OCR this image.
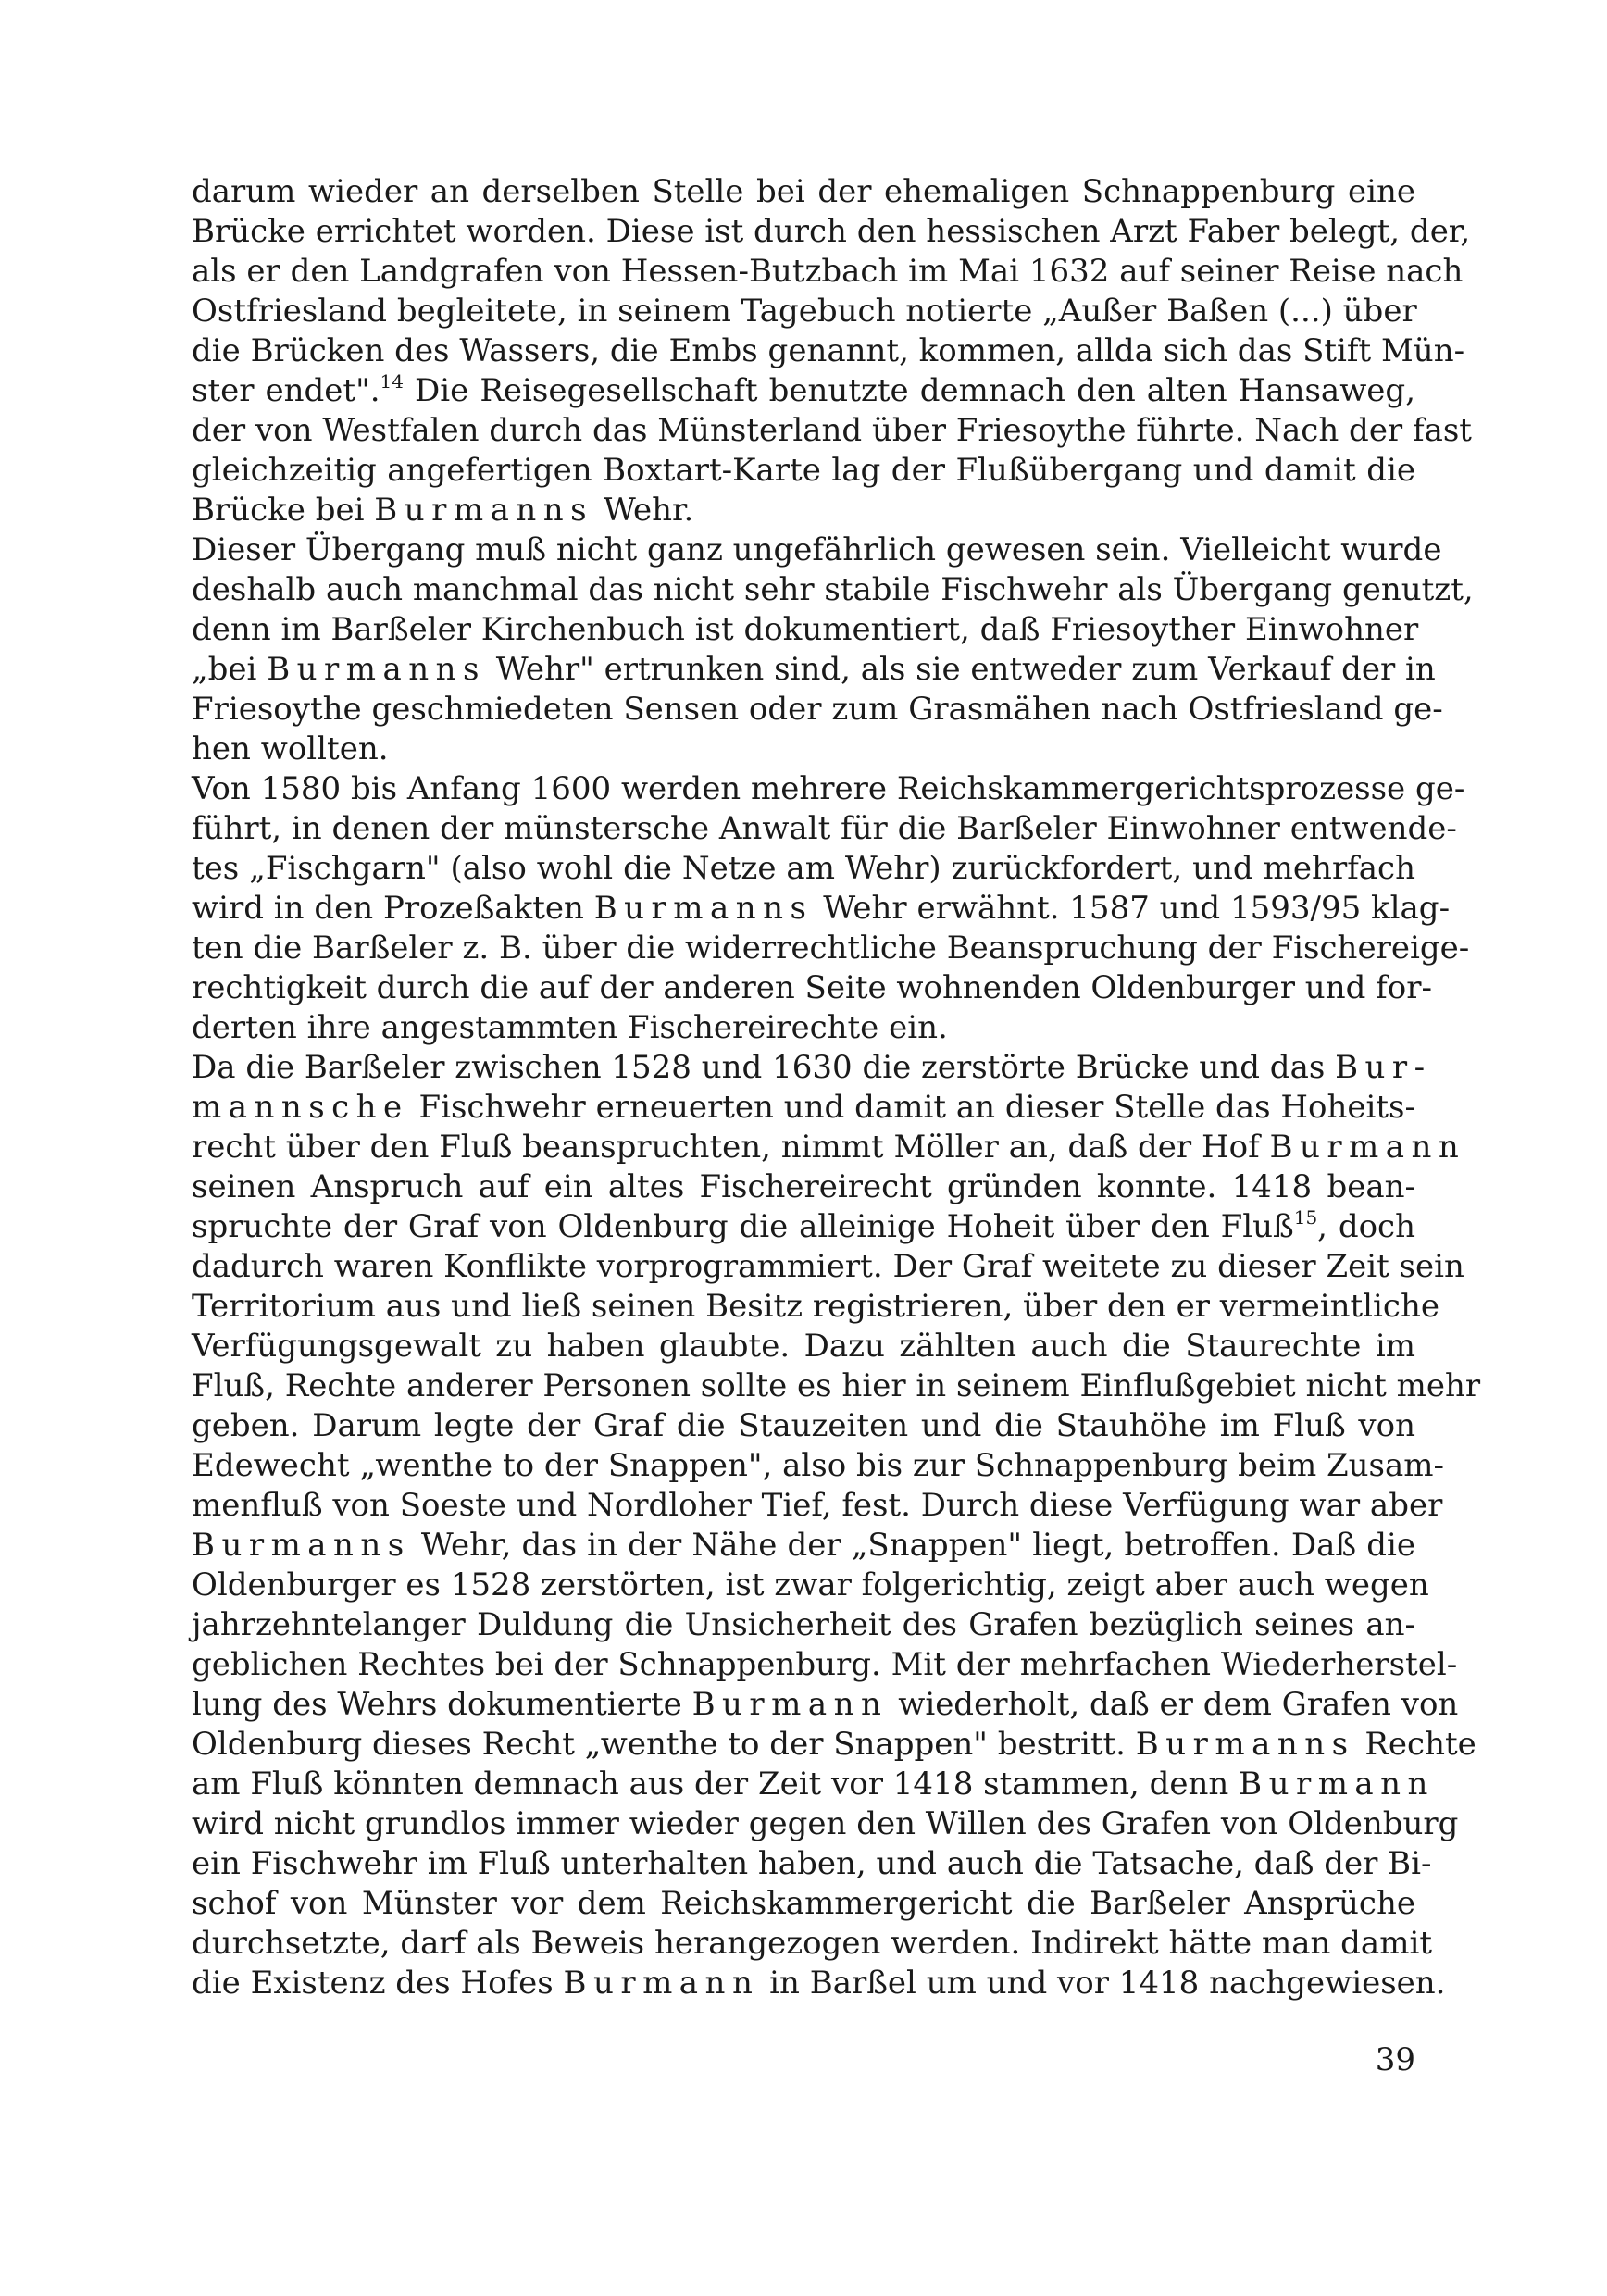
darum wieder an derselben Stelle bei der ehemaligen Schnappenburg eine
Brücke errichtet worden. Diese ist durch den hessischen Arzt Faber belegt, der,
als er den Landgrafen von Hessen-Butzbach im Mai 1632 auf seiner Reise nach
Ostfriesland begleitete, in seinem Tagebuch notierte „Außer Baßen (...) über
die Brücken des Wassers, die Embs genannt, kommen, allda sich das Stift Mün-
ster endet".$^{14}$ Die Reisegesellschaft benutzte demnach den alten Hansaweg,
der von Westfalen durch das Münsterland über Friesoythe führte. Nach der fast
gleichzeitig angefertigen Boxtart-Karte lag der Flußübergang und damit die
Brücke bei Burmanns Wehr.
Dieser Übergang muß nicht ganz ungefährlich gewesen sein. Vielleicht wurde
deshalb auch manchmal das nicht sehr stabile Fischwehr als Übergang genutzt,
denn im Barßeler Kirchenbuch ist dokumentiert, daß Friesoyther Einwohner
„bei Burmanns Wehr" ertrunken sind, als sie entweder zum Verkauf der in
Friesoythe geschmiedeten Sensen oder zum Grasmähen nach Ostfriesland ge-
hen wollten.
Von 1580 bis Anfang 1600 werden mehrere Reichskammergerichtsprozesse ge-
führt, in denen der münstersche Anwalt für die Barßeler Einwohner entwende-
tes „Fischgarn" (also wohl die Netze am Wehr) zurückfordert, und mehrfach
wird in den Prozeßakten Burmanns Wehr erwähnt. 1587 und 1593/95 klag-
ten die Barßeler z. B. über die widerrechtliche Beanspruchung der Fischereige-
rechtigkeit durch die auf der anderen Seite wohnenden Oldenburger und for-
derten ihre angestammten Fischereirechte ein.
Da die Barßeler zwischen 1528 und 1630 die zerstörte Brücke und das Bur-
mannsche Fischwehr erneuerten und damit an dieser Stelle das Hoheits-
recht über den Fluß beanspruchten, nimmt Möller an, daß der Hof Burmann
seinen Anspruch auf ein altes Fischereirecht gründen konnte. 1418 bean-
spruchte der Graf von Oldenburg die alleinige Hoheit über den Fluß$^{15}$, doch
dadurch waren Konflikte vorprogrammiert. Der Graf weitete zu dieser Zeit sein
Territorium aus und ließ seinen Besitz registrieren, über den er vermeintliche
Verfügungsgewalt zu haben glaubte. Dazu zählten auch die Staurechte im
Fluß, Rechte anderer Personen sollte es hier in seinem Einflußgebiet nicht mehr
geben. Darum legte der Graf die Stauzeiten und die Stauhöhe im Fluß von
Edewecht „wenthe to der Snappen", also bis zur Schnappenburg beim Zusam-
menfluß von Soeste und Nordloher Tief, fest. Durch diese Verfügung war aber
Burmanns Wehr, das in der Nähe der „Snappen" liegt, betroffen. Daß die
Oldenburger es 1528 zerstörten, ist zwar folgerichtig, zeigt aber auch wegen
jahrzehntelanger Duldung die Unsicherheit des Grafen bezüglich seines an-
geblichen Rechtes bei der Schnappenburg. Mit der mehrfachen Wiederherstel-
lung des Wehrs dokumentierte Burmann wiederholt, daß er dem Grafen von
Oldenburg dieses Recht „wenthe to der Snappen" bestritt. Burmanns Rechte
am Fluß könnten demnach aus der Zeit vor 1418 stammen, denn Burmann
wird nicht grundlos immer wieder gegen den Willen des Grafen von Oldenburg
ein Fischwehr im Fluß unterhalten haben, und auch die Tatsache, daß der Bi-
schof von Münster vor dem Reichskammergericht die Barßeler Ansprüche
durchsetzte, darf als Beweis herangezogen werden. Indirekt hätte man damit
die Existenz des Hofes Burmann in Barßel um und vor 1418 nachgewiesen.
39
